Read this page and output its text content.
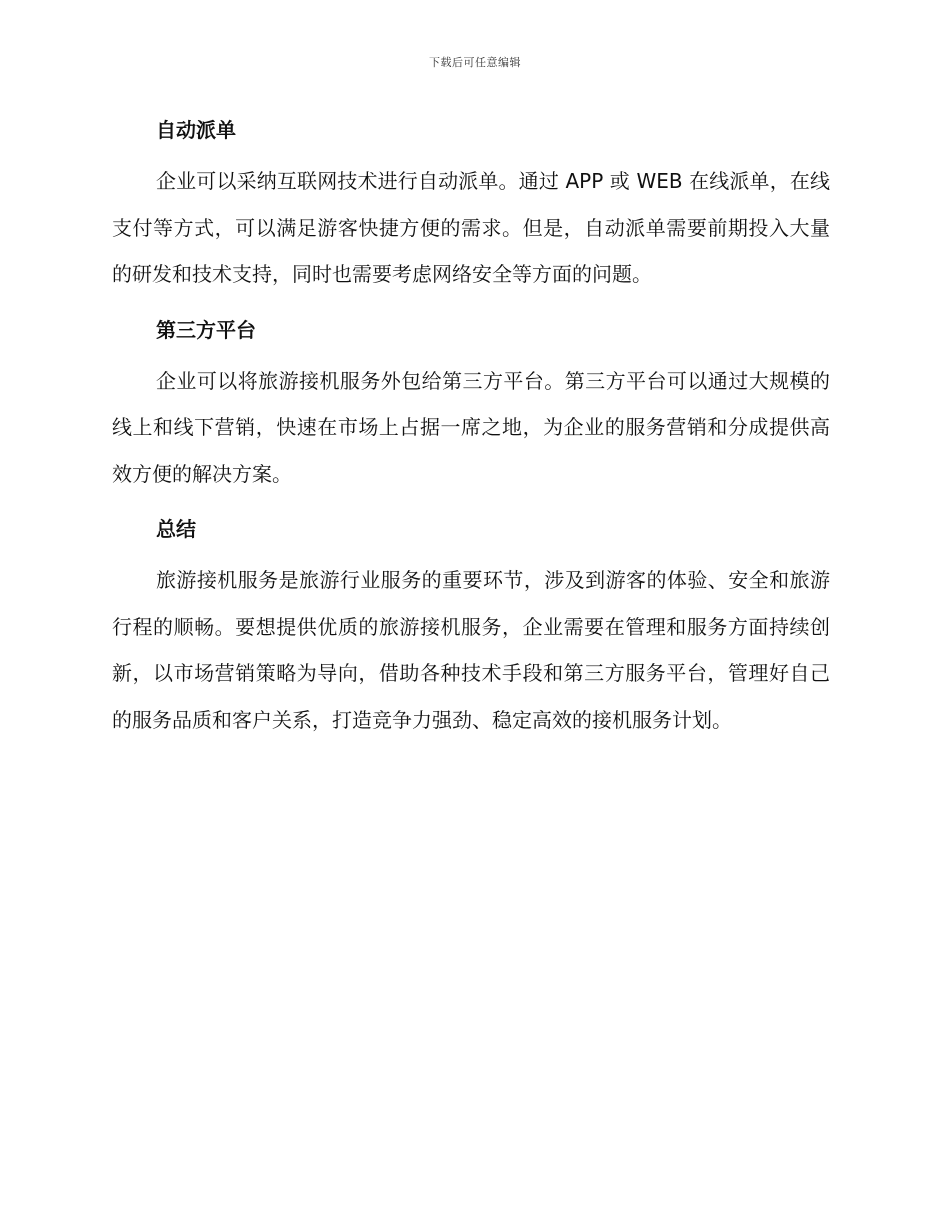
下载后可任意编辑
自动派单

企业可以采纳互联网技术进行自动派单。通过 APP 或 WEB 在线派单，在线支付等方式，可以满足游客快捷方便的需求。但是，自动派单需要前期投入大量的研发和技术支持，同时也需要考虑网络安全等方面的问题。

第三方平台

企业可以将旅游接机服务外包给第三方平台。第三方平台可以通过大规模的线上和线下营销，快速在市场上占据一席之地，为企业的服务营销和分成提供高效方便的解决方案。

总结

旅游接机服务是旅游行业服务的重要环节，涉及到游客的体验、安全和旅游行程的顺畅。要想提供优质的旅游接机服务，企业需要在管理和服务方面持续创新，以市场营销策略为导向，借助各种技术手段和第三方服务平台，管理好自己的服务品质和客户关系，打造竞争力强劲、稳定高效的接机服务计划。
